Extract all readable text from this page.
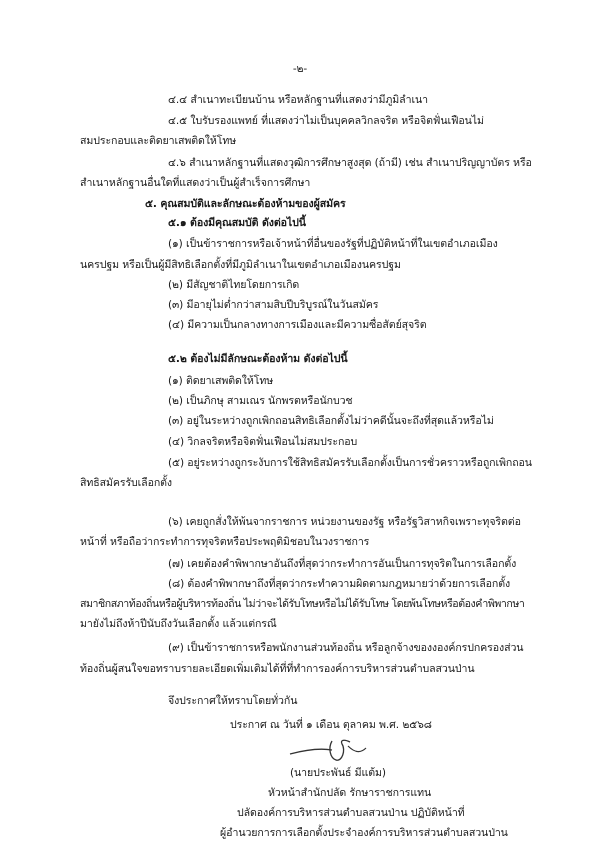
-๒-
๔.๔ สำเนาทะเบียนบ้าน หรือหลักฐานที่แสดงว่ามีภูมิลำเนา
๔.๕ ใบรับรองแพทย์ ที่แสดงว่าไม่เป็นบุคคลวิกลจริต หรือจิตฟั่นเฟือนไม่
สมประกอบและติดยาเสพติดให้โทษ
๔.๖ สำเนาหลักฐานที่แสดงวุฒิการศึกษาสูงสุด (ถ้ามี) เช่น สำเนาปริญญาบัตร หรือ
สำเนาหลักฐานอื่นใดที่แสดงว่าเป็นผู้สำเร็จการศึกษา
๕. คุณสมบัติและลักษณะต้องห้ามของผู้สมัคร
๕.๑ ต้องมีคุณสมบัติ ดังต่อไปนี้
(๑) เป็นข้าราชการหรือเจ้าหน้าที่อื่นของรัฐที่ปฏิบัติหน้าที่ในเขตอำเภอเมือง
นครปฐม หรือเป็นผู้มีสิทธิเลือกตั้งที่มีภูมิลำเนาในเขตอำเภอเมืองนครปฐม
(๒) มีสัญชาติไทยโดยการเกิด
(๓) มีอายุไม่ต่ำกว่าสามสิบปีบริบูรณ์ในวันสมัคร
(๔) มีความเป็นกลางทางการเมืองและมีความซื่อสัตย์สุจริต
๕.๒ ต้องไม่มีลักษณะต้องห้าม ดังต่อไปนี้
(๑) ติดยาเสพติดให้โทษ
(๒) เป็นภิกษุ สามเณร นักพรตหรือนักบวช
(๓) อยู่ในระหว่างถูกเพิกถอนสิทธิเลือกตั้งไม่ว่าคดีนั้นจะถึงที่สุดแล้วหรือไม่
(๔) วิกลจริตหรือจิตฟั่นเฟือนไม่สมประกอบ
(๕) อยู่ระหว่างถูกระงับการใช้สิทธิสมัครรับเลือกตั้งเป็นการชั่วคราวหรือถูกเพิกถอน
สิทธิสมัครรับเลือกตั้ง
(๖) เคยถูกสั่งให้พ้นจากราชการ หน่วยงานของรัฐ หรือรัฐวิสาหกิจเพราะทุจริตต่อ
หน้าที่ หรือถือว่ากระทำการทุจริตหรือประพฤติมิชอบในวงราชการ
(๗) เคยต้องคำพิพากษาอันถึงที่สุดว่ากระทำการอันเป็นการทุจริตในการเลือกตั้ง
(๘) ต้องคำพิพากษาถึงที่สุดว่ากระทำความผิดตามกฎหมายว่าด้วยการเลือกตั้ง
สมาชิกสภาท้องถิ่นหรือผู้บริหารท้องถิ่น ไม่ว่าจะได้รับโทษหรือไม่ได้รับโทษ โดยพ้นโทษหรือต้องคำพิพากษา
มายังไม่ถึงห้าปีนับถึงวันเลือกตั้ง แล้วแต่กรณี
(๙) เป็นข้าราชการหรือพนักงานส่วนท้องถิ่น หรือลูกจ้างของงองค์กรปกครองส่วน
ท้องถิ่นผู้สนใจขอทราบรายละเอียดเพิ่มเติมได้ที่ที่ทำการองค์การบริหารส่วนตำบลสวนป่าน
จึงประกาศให้ทราบโดยทั่วกัน
ประกาศ ณ วันที่ ๑ เดือน ตุลาคม พ.ศ. ๒๕๖๘
(นายประพันธ์ มีแต้ม)
หัวหน้าสำนักปลัด รักษาราชการแทน
ปลัดองค์การบริหารส่วนตำบลสวนป่าน ปฏิบัติหน้าที่
ผู้อำนวยการการเลือกตั้งประจำองค์การบริหารส่วนตำบลสวนป่าน
